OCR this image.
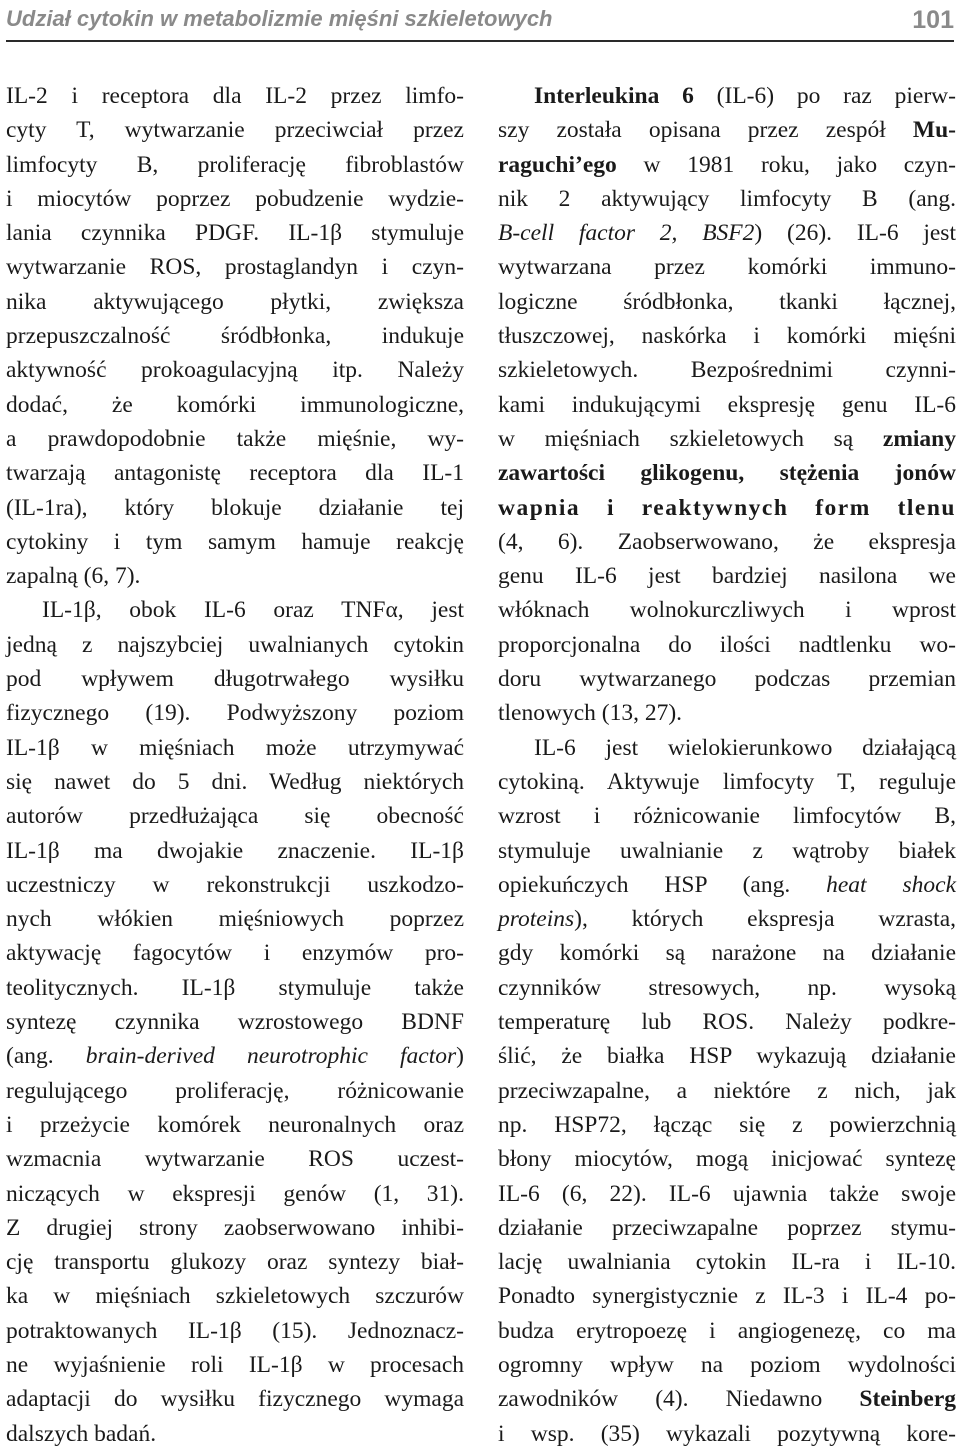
Udział cytokin w metabolizmie mięśni szkieletowych	101
IL-2 i receptora dla IL-2 przez limfo-
cyty T, wytwarzanie przeciwciał przez
limfocyty B, proliferację fibroblastów
i miocytów poprzez pobudzenie wydzie-
lania czynnika PDGF. IL-1β stymuluje
wytwarzanie ROS, prostaglandyn i czyn-
nika aktywującego płytki, zwiększa
przepuszczalność śródbłonka, indukuje
aktywność prokoagulacyjną itp. Należy
dodać, że komórki immunologiczne,
a prawdopodobnie także mięśnie, wy-
twarzają antagonistę receptora dla IL-1
(IL-1ra), który blokuje działanie tej
cytokiny i tym samym hamuje reakcję
zapalną (6, 7).
IL-1β, obok IL-6 oraz TNFα, jest
jedną z najszybciej uwalnianych cytokin
pod wpływem długotrwałego wysiłku
fizycznego (19). Podwyższony poziom
IL-1β w mięśniach może utrzymywać
się nawet do 5 dni. Według niektórych
autorów przedłużająca się obecność
IL-1β ma dwojakie znaczenie. IL-1β
uczestniczy w rekonstrukcji uszkodzo-
nych włókien mięśniowych poprzez
aktywację fagocytów i enzymów pro-
teolitycznych. IL-1β stymuluje także
syntezę czynnika wzrostowego BDNF
(ang. brain-derived neurotrophic factor)
regulującego proliferację, różnicowanie
i przeżycie komórek neuronalnych oraz
wzmacnia wytwarzanie ROS uczest-
niczących w ekspresji genów (1, 31).
Z drugiej strony zaobserwowano inhibi-
cję transportu glukozy oraz syntezy biał-
ka w mięśniach szkieletowych szczurów
potraktowanych IL-1β (15). Jednoznacz-
ne wyjaśnienie roli IL-1β w procesach
adaptacji do wysiłku fizycznego wymaga
dalszych badań.
Interleukina 6 (IL-6) po raz pierw-
szy została opisana przez zespół Mu-
raguchi’ego w 1981 roku, jako czyn-
nik 2 aktywujący limfocyty B (ang.
B-cell factor 2, BSF2) (26). IL-6 jest
wytwarzana przez komórki immuno-
logiczne śródbłonka, tkanki łącznej,
tłuszczowej, naskórka i komórki mięśni
szkieletowych. Bezpośrednimi czynni-
kami indukującymi ekspresję genu IL-6
w mięśniach szkieletowych są zmiany
zawartości glikogenu, stężenia jonów
wapnia i reaktywnych form tlenu
(4, 6). Zaobserwowano, że ekspresja
genu IL-6 jest bardziej nasilona we
włóknach wolnokurczliwych i wprost
proporcjonalna do ilości nadtlenku wo-
doru wytwarzanego podczas przemian
tlenowych (13, 27).
IL-6 jest wielokierunkowo działającą
cytokiną. Aktywuje limfocyty T, reguluje
wzrost i różnicowanie limfocytów B,
stymuluje uwalnianie z wątroby białek
opiekuńczych HSP (ang. heat shock
proteins), których ekspresja wzrasta,
gdy komórki są narażone na działanie
czynników stresowych, np. wysoką
temperaturę lub ROS. Należy podkre-
ślić, że białka HSP wykazują działanie
przeciwzapalne, a niektóre z nich, jak
np. HSP72, łącząc się z powierzchnią
błony miocytów, mogą inicjować syntezę
IL-6 (6, 22). IL-6 ujawnia także swoje
działanie przeciwzapalne poprzez stymu-
lację uwalniania cytokin IL-ra i IL-10.
Ponadto synergistycznie z IL-3 i IL-4 po-
budza erytropoezę i angiogenezę, co ma
ogromny wpływ na poziom wydolności
zawodników (4). Niedawno Steinberg
i wsp. (35) wykazali pozytywną kore-
